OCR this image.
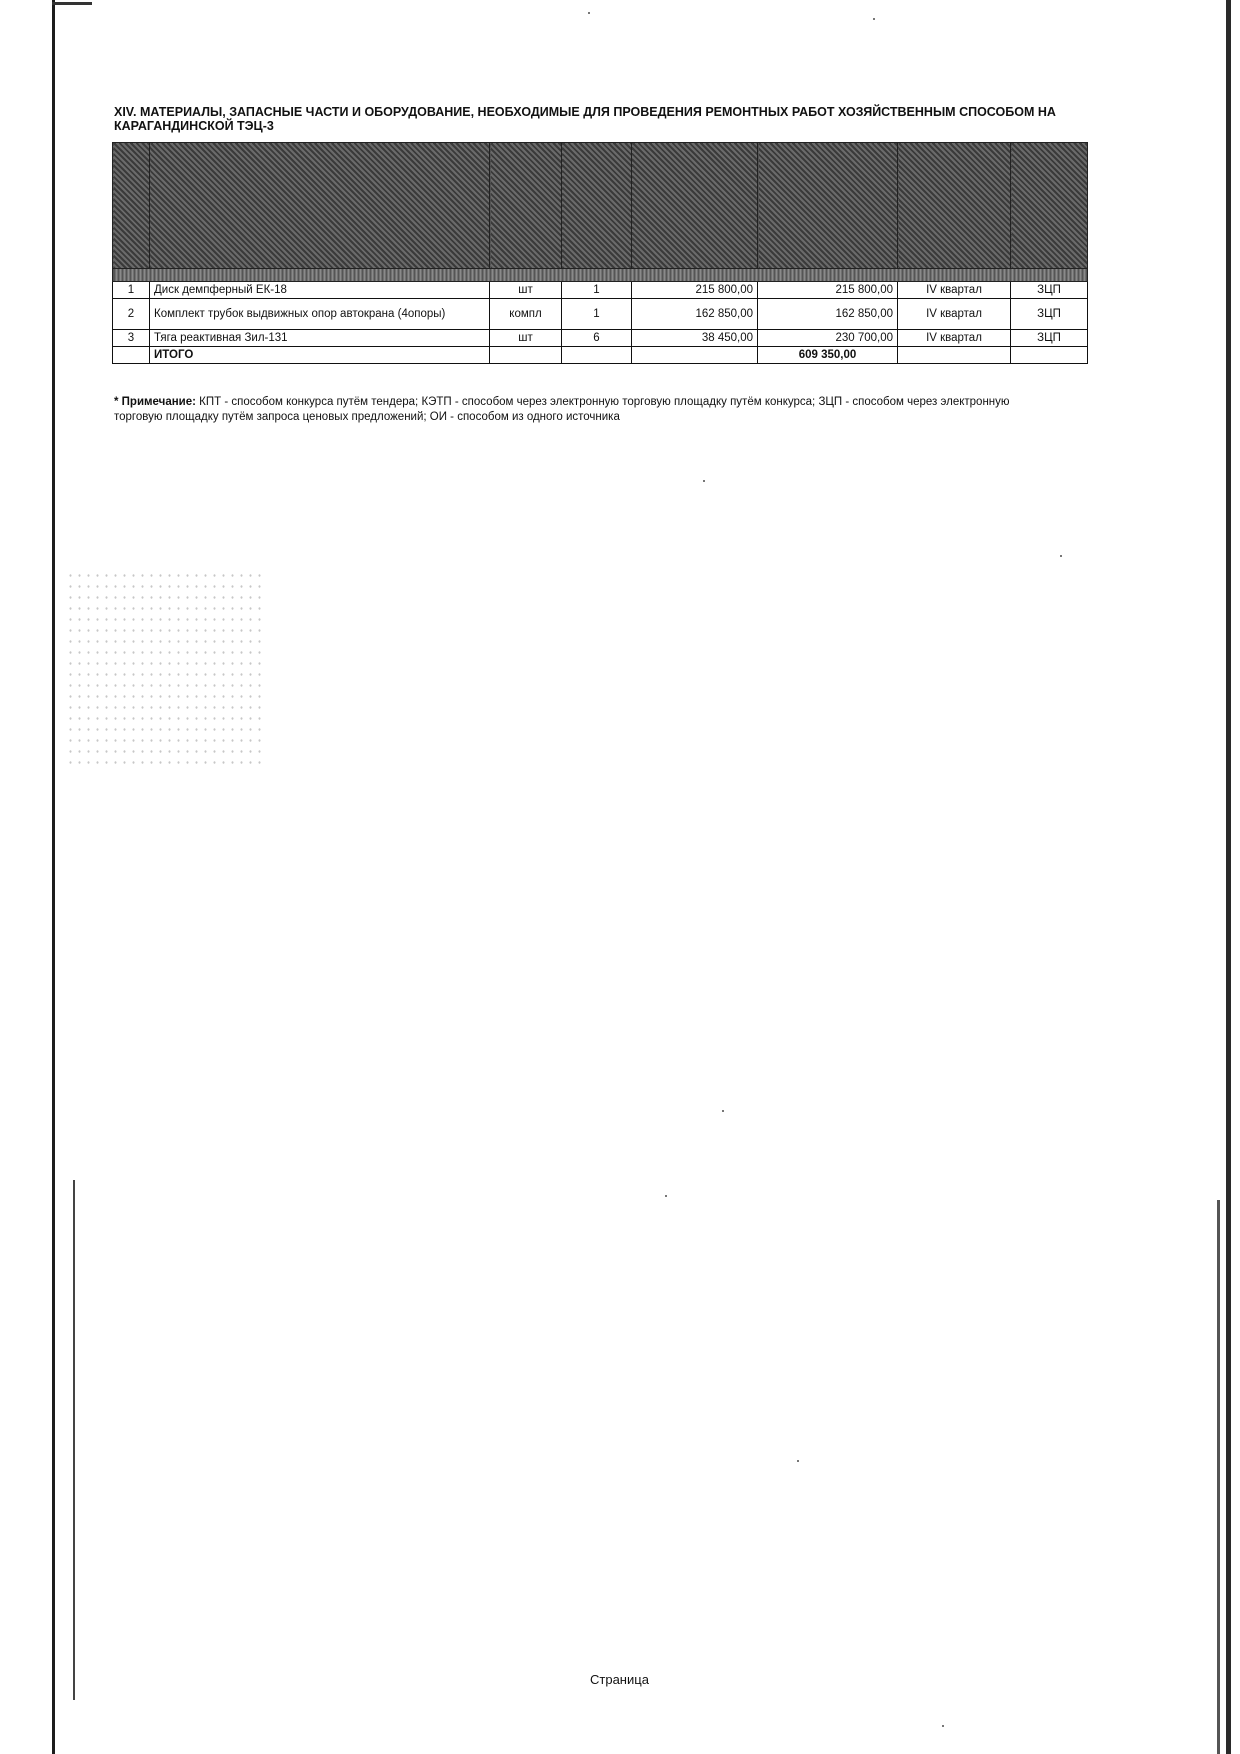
XIV. МАТЕРИАЛЫ, ЗАПАСНЫЕ ЧАСТИ И ОБОРУДОВАНИЕ, НЕОБХОДИМЫЕ ДЛЯ ПРОВЕДЕНИЯ РЕМОНТНЫХ РАБОТ ХОЗЯЙСТВЕННЫМ СПОСОБОМ НА КАРАГАНДИНСКОЙ ТЭЦ-3

1	Диск демпферный ЕК-18	шт	1	215 800,00	215 800,00	IV квартал	ЗЦП
2	Комплект трубок выдвижных опор автокрана (4опоры)	компл	1	162 850,00	162 850,00	IV квартал	ЗЦП
3	Тяга реактивная Зил-131	шт	6	38 450,00	230 700,00	IV квартал	ЗЦП
	ИТОГО				609 350,00		
* Примечание: КПТ - способом конкурса путём тендера; КЭТП - способом через электронную торговую площадку путём конкурса; ЗЦП - способом через электронную торговую площадку путём запроса ценовых предложений; ОИ - способом из одного источника
Страница
